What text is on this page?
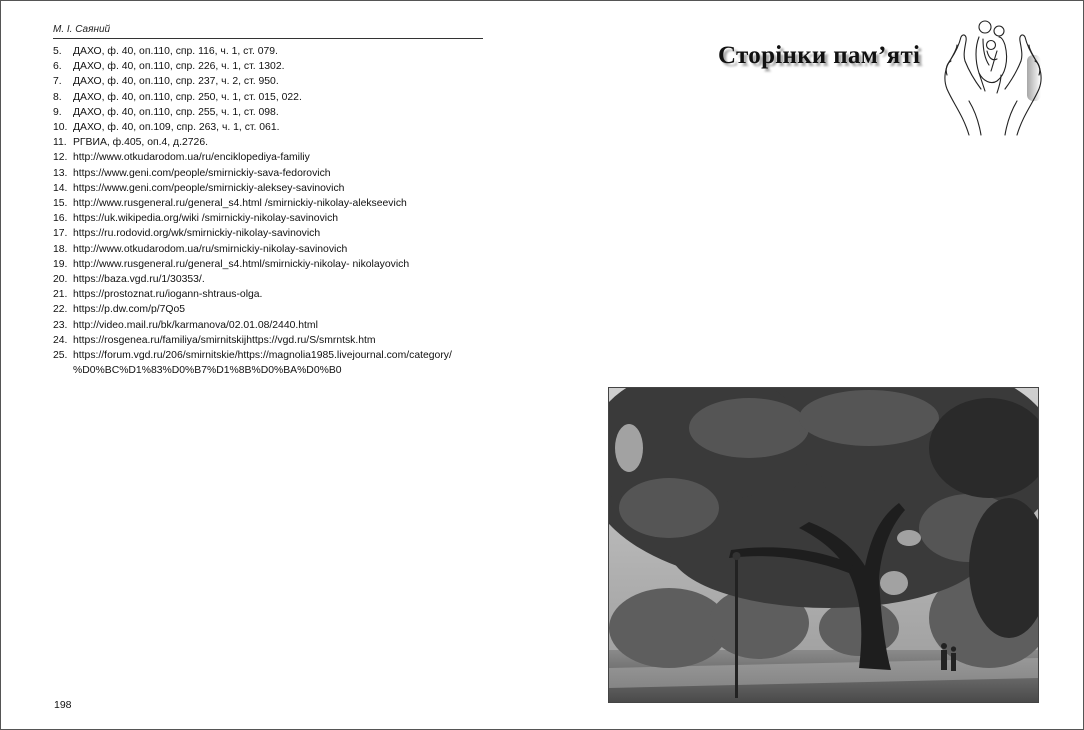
М. І. Саяний
5. ДАХО, ф. 40, оп.110, спр. 116, ч. 1, ст. 079.
6. ДАХО, ф. 40, оп.110, спр. 226, ч. 1, ст. 1302.
7. ДАХО, ф. 40, оп.110, спр. 237, ч. 2, ст. 950.
8. ДАХО, ф. 40, оп.110, спр. 250, ч. 1, ст. 015, 022.
9. ДАХО, ф. 40, оп.110, спр. 255, ч. 1, ст. 098.
10. ДАХО, ф. 40, оп.109, спр. 263, ч. 1, ст. 061.
11. РГВИА, ф.405, оп.4, д.2726.
12. http://www.otkudarodom.ua/ru/enciklopediya-familiy
13. https://www.geni.com/people/smirnickiy-sava-fedorovich
14. https://www.geni.com/people/smirnickiy-aleksey-savinovich
15. http://www.rusgeneral.ru/general_s4.html /smirnickiy-nikolay-alekseevich
16. https://uk.wikipedia.org/wiki /smirnickiy-nikolay-savinovich
17. https://ru.rodovid.org/wk/smirnickiy-nikolay-savinovich
18. http://www.otkudarodom.ua/ru/smirnickiy-nikolay-savinovich
19. http://www.rusgeneral.ru/general_s4.html/smirnickiy-nikolay- nikolayovich
20. https://baza.vgd.ru/1/30353/.
21. https://prostoznat.ru/iogann-shtraus-olga.
22. https://p.dw.com/p/7Qo5
23. http://video.mail.ru/bk/karmanova/02.01.08/2440.html
24. https://rosgenea.ru/familiya/smirnitskijhttps://vgd.ru/S/smrntsk.htm
25. https://forum.vgd.ru/206/smirnitskie/https://magnolia1985.livejournal.com/category/
%D0%BC%D1%83%D0%B7%D1%8B%D0%BA%D0%B0
198
Сторінки пам’яті
